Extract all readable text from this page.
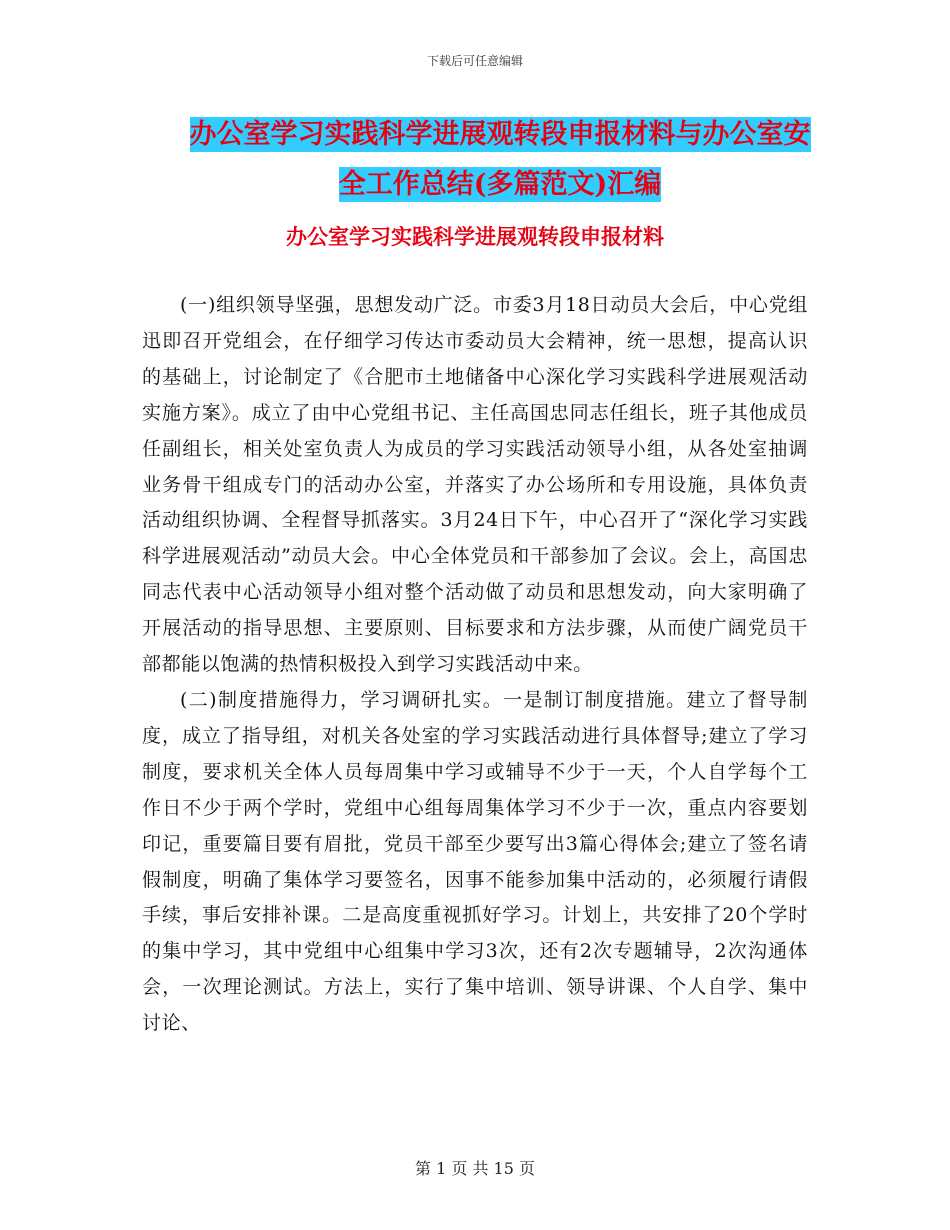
下载后可任意编辑
办公室学习实践科学进展观转段申报材料与办公室安
全工作总结(多篇范文)汇编
办公室学习实践科学进展观转段申报材料

(一)组织领导坚强，思想发动广泛。市委3月18日动员大会后，中心党组迅即召开党组会，在仔细学习传达市委动员大会精神，统一思想，提高认识的基础上，讨论制定了《合肥市土地储备中心深化学习实践科学进展观活动实施方案》。成立了由中心党组书记、主任高国忠同志任组长，班子其他成员任副组长，相关处室负责人为成员的学习实践活动领导小组，从各处室抽调业务骨干组成专门的活动办公室，并落实了办公场所和专用设施，具体负责活动组织协调、全程督导抓落实。3月24日下午，中心召开了“深化学习实践科学进展观活动”动员大会。中心全体党员和干部参加了会议。会上，高国忠同志代表中心活动领导小组对整个活动做了动员和思想发动，向大家明确了开展活动的指导思想、主要原则、目标要求和方法步骤，从而使广阔党员干部都能以饱满的热情积极投入到学习实践活动中来。

(二)制度措施得力，学习调研扎实。一是制订制度措施。建立了督导制度，成立了指导组，对机关各处室的学习实践活动进行具体督导;建立了学习制度，要求机关全体人员每周集中学习或辅导不少于一天，个人自学每个工作日不少于两个学时，党组中心组每周集体学习不少于一次，重点内容要划印记，重要篇目要有眉批，党员干部至少要写出3篇心得体会;建立了签名请假制度，明确了集体学习要签名，因事不能参加集中活动的，必须履行请假手续，事后安排补课。二是高度重视抓好学习。计划上，共安排了20个学时的集中学习，其中党组中心组集中学习3次，还有2次专题辅导，2次沟通体会，一次理论测试。方法上，实行了集中培训、领导讲课、个人自学、集中讨论、

第 1 页 共 15 页
